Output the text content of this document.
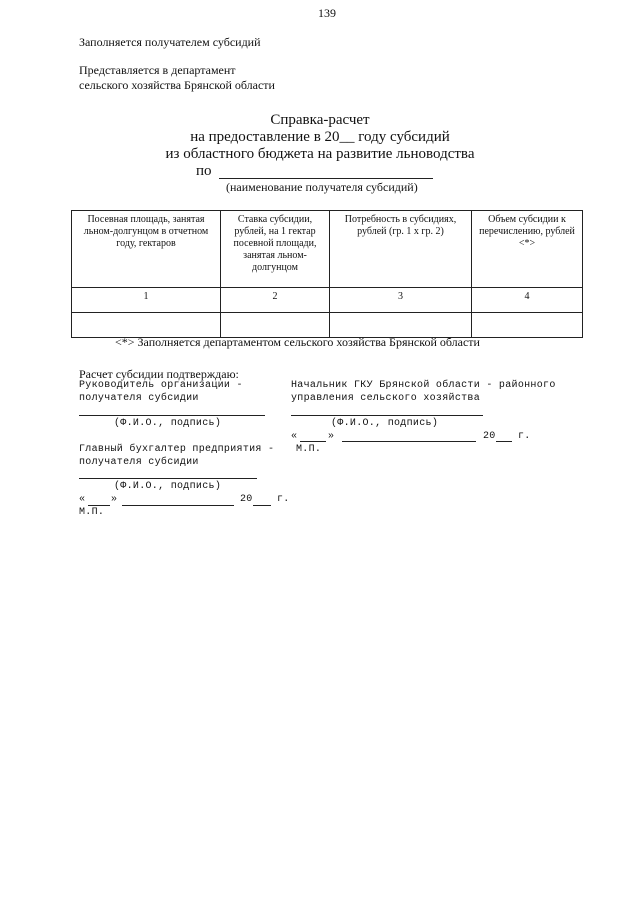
139
Заполняется получателем субсидий
Представляется в департамент
сельского хозяйства Брянской области
Справка-расчет
на предоставление в 20__ году субсидий
из областного бюджета на развитие льноводства
по
(наименование получателя субсидий)
Посевная площадь, занятая льном-долгунцом в отчетном году, гектаров	Ставка субсидии, рублей, на 1 гектар посевной площади, занятая льном-долгунцом	Потребность в субсидиях, рублей (гр. 1 х гр. 2)	Объем субсидии к перечислению, рублей <*>
1	2	3	4

<*> Заполняется департаментом сельского хозяйства Брянской области
Расчет субсидии подтверждаю:
Руководитель организации -
получателя субсидии
(Ф.И.О., подпись)
Главный бухгалтер предприятия -
получателя субсидии
(Ф.И.О., подпись)
«	»	20 г.
М.П.
Начальник ГКУ Брянской области - районного
управления сельского хозяйства
(Ф.И.О., подпись)
«	»	20 г.
М.П.
